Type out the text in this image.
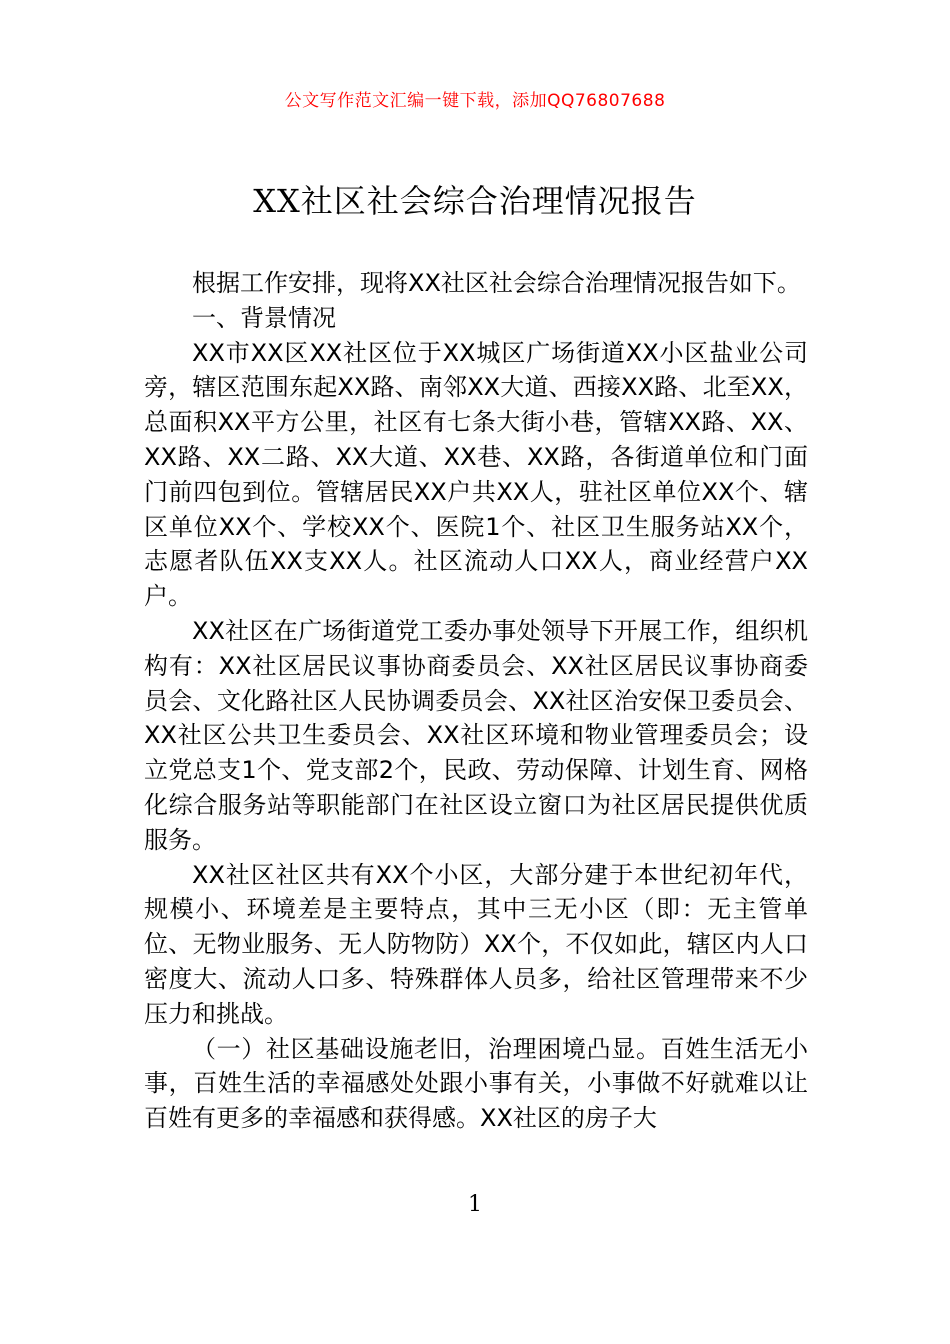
公文写作范文汇编一键下载，添加QQ76807688
XX社区社会综合治理情况报告

根据工作安排，现将XX社区社会综合治理情况报告如下。

一、背景情况

XX市XX区XX社区位于XX城区广场街道XX小区盐业公司旁，辖区范围东起XX路、南邻XX大道、西接XX路、北至XX，总面积XX平方公里，社区有七条大街小巷，管辖XX路、XX、XX路、XX二路、XX大道、XX巷、XX路，各街道单位和门面门前四包到位。管辖居民XX户共XX人，驻社区单位XX个、辖区单位XX个、学校XX个、医院1个、社区卫生服务站XX个，志愿者队伍XX支XX人。社区流动人口XX人，商业经营户XX户。

XX社区在广场街道党工委办事处领导下开展工作，组织机构有：XX社区居民议事协商委员会、XX社区居民议事协商委员会、文化路社区人民协调委员会、XX社区治安保卫委员会、XX社区公共卫生委员会、XX社区环境和物业管理委员会；设立党总支1个、党支部2个，民政、劳动保障、计划生育、网格化综合服务站等职能部门在社区设立窗口为社区居民提供优质服务。

XX社区社区共有XX个小区，大部分建于本世纪初年代，规模小、环境差是主要特点，其中三无小区（即：无主管单位、无物业服务、无人防物防）XX个，不仅如此，辖区内人口密度大、流动人口多、特殊群体人员多，给社区管理带来不少压力和挑战。

（一）社区基础设施老旧，治理困境凸显。百姓生活无小事，百姓生活的幸福感处处跟小事有关，小事做不好就难以让百姓有更多的幸福感和获得感。XX社区的房子大

1
